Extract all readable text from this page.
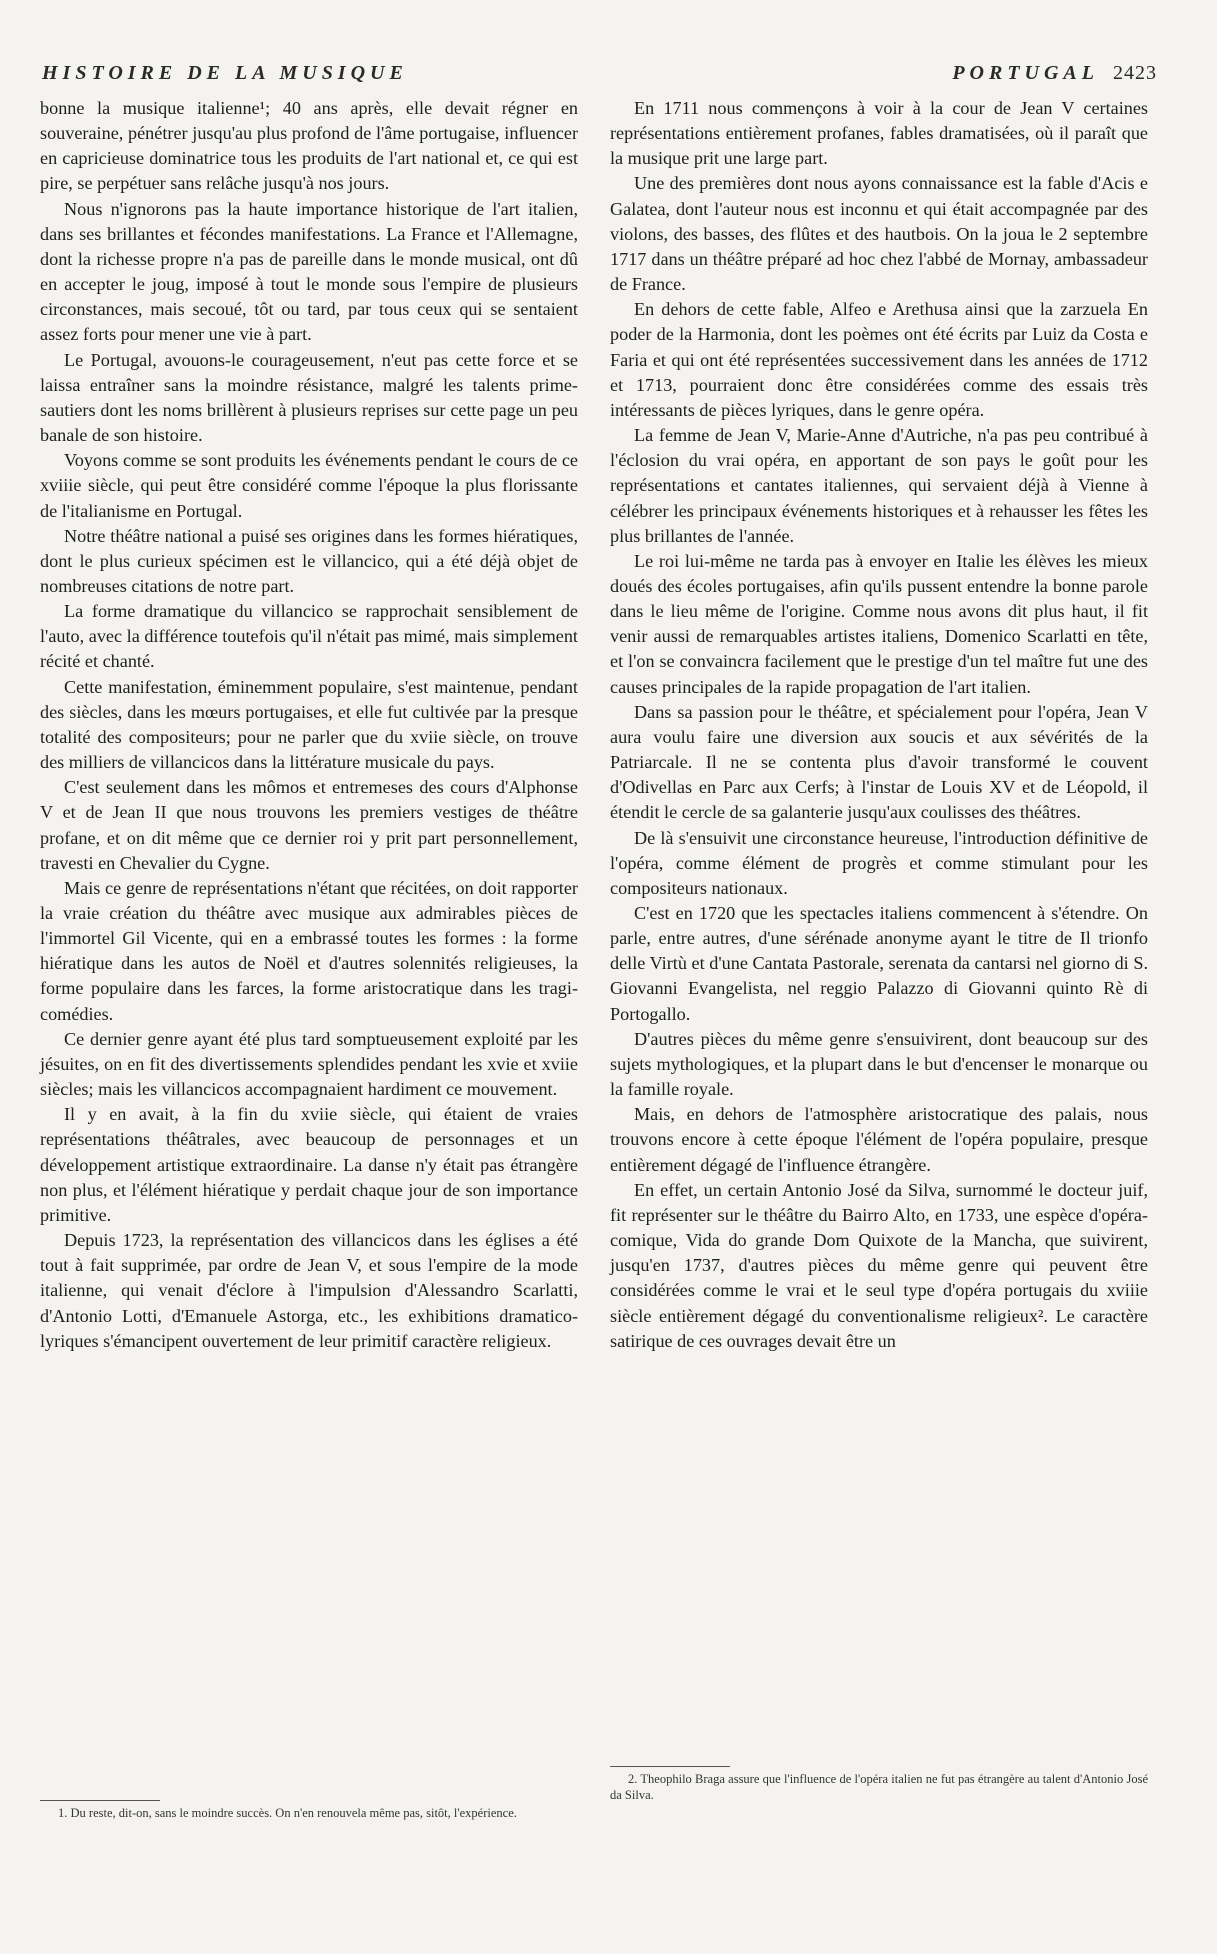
HISTOIRE DE LA MUSIQUE	PORTUGAL 2423

bonne la musique italienne¹; 40 ans après, elle devait régner en souveraine, pénétrer jusqu'au plus profond de l'âme portugaise, influencer en capricieuse dominatrice tous les produits de l'art national et, ce qui est pire, se perpétuer sans relâche jusqu'à nos jours.

Nous n'ignorons pas la haute importance historique de l'art italien, dans ses brillantes et fécondes manifestations. La France et l'Allemagne, dont la richesse propre n'a pas de pareille dans le monde musical, ont dû en accepter le joug, imposé à tout le monde sous l'empire de plusieurs circonstances, mais secoué, tôt ou tard, par tous ceux qui se sentaient assez forts pour mener une vie à part.

Le Portugal, avouons-le courageusement, n'eut pas cette force et se laissa entraîner sans la moindre résistance, malgré les talents prime-sautiers dont les noms brillèrent à plusieurs reprises sur cette page un peu banale de son histoire.

Voyons comme se sont produits les événements pendant le cours de ce xviiie siècle, qui peut être considéré comme l'époque la plus florissante de l'italianisme en Portugal.

Notre théâtre national a puisé ses origines dans les formes hiératiques, dont le plus curieux spécimen est le villancico, qui a été déjà objet de nombreuses citations de notre part.

La forme dramatique du villancico se rapprochait sensiblement de l'auto, avec la différence toutefois qu'il n'était pas mimé, mais simplement récité et chanté.

Cette manifestation, éminemment populaire, s'est maintenue, pendant des siècles, dans les mœurs portugaises, et elle fut cultivée par la presque totalité des compositeurs; pour ne parler que du xviie siècle, on trouve des milliers de villancicos dans la littérature musicale du pays.

C'est seulement dans les mômos et entremeses des cours d'Alphonse V et de Jean II que nous trouvons les premiers vestiges de théâtre profane, et on dit même que ce dernier roi y prit part personnellement, travesti en Chevalier du Cygne.

Mais ce genre de représentations n'étant que récitées, on doit rapporter la vraie création du théâtre avec musique aux admirables pièces de l'immortel Gil Vicente, qui en a embrassé toutes les formes : la forme hiératique dans les autos de Noël et d'autres solennités religieuses, la forme populaire dans les farces, la forme aristocratique dans les tragi-comédies.

Ce dernier genre ayant été plus tard somptueusement exploité par les jésuites, on en fit des divertissements splendides pendant les xvie et xviie siècles; mais les villancicos accompagnaient hardiment ce mouvement.

Il y en avait, à la fin du xviie siècle, qui étaient de vraies représentations théâtrales, avec beaucoup de personnages et un développement artistique extraordinaire. La danse n'y était pas étrangère non plus, et l'élément hiératique y perdait chaque jour de son importance primitive.

Depuis 1723, la représentation des villancicos dans les églises a été tout à fait supprimée, par ordre de Jean V, et sous l'empire de la mode italienne, qui venait d'éclore à l'impulsion d'Alessandro Scarlatti, d'Antonio Lotti, d'Emanuele Astorga, etc., les exhibitions dramatico-lyriques s'émancipent ouvertement de leur primitif caractère religieux.

En 1711 nous commençons à voir à la cour de Jean V certaines représentations entièrement profanes, fables dramatisées, où il paraît que la musique prit une large part.

Une des premières dont nous ayons connaissance est la fable d'Acis e Galatea, dont l'auteur nous est inconnu et qui était accompagnée par des violons, des basses, des flûtes et des hautbois. On la joua le 2 septembre 1717 dans un théâtre préparé ad hoc chez l'abbé de Mornay, ambassadeur de France.

En dehors de cette fable, Alfeo e Arethusa ainsi que la zarzuela En poder de la Harmonia, dont les poèmes ont été écrits par Luiz da Costa e Faria et qui ont été représentées successivement dans les années de 1712 et 1713, pourraient donc être considérées comme des essais très intéressants de pièces lyriques, dans le genre opéra.

La femme de Jean V, Marie-Anne d'Autriche, n'a pas peu contribué à l'éclosion du vrai opéra, en apportant de son pays le goût pour les représentations et cantates italiennes, qui servaient déjà à Vienne à célébrer les principaux événements historiques et à rehausser les fêtes les plus brillantes de l'année.

Le roi lui-même ne tarda pas à envoyer en Italie les élèves les mieux doués des écoles portugaises, afin qu'ils pussent entendre la bonne parole dans le lieu même de l'origine. Comme nous avons dit plus haut, il fit venir aussi de remarquables artistes italiens, Domenico Scarlatti en tête, et l'on se convaincra facilement que le prestige d'un tel maître fut une des causes principales de la rapide propagation de l'art italien.

Dans sa passion pour le théâtre, et spécialement pour l'opéra, Jean V aura voulu faire une diversion aux soucis et aux sévérités de la Patriarcale. Il ne se contenta plus d'avoir transformé le couvent d'Odivellas en Parc aux Cerfs; à l'instar de Louis XV et de Léopold, il étendit le cercle de sa galanterie jusqu'aux coulisses des théâtres.

De là s'ensuivit une circonstance heureuse, l'introduction définitive de l'opéra, comme élément de progrès et comme stimulant pour les compositeurs nationaux.

C'est en 1720 que les spectacles italiens commencent à s'étendre. On parle, entre autres, d'une sérénade anonyme ayant le titre de Il trionfo delle Virtù et d'une Cantata Pastorale, serenata da cantarsi nel giorno di S. Giovanni Evangelista, nel reggio Palazzo di Giovanni quinto Rè di Portogallo.

D'autres pièces du même genre s'ensuivirent, dont beaucoup sur des sujets mythologiques, et la plupart dans le but d'encenser le monarque ou la famille royale.

Mais, en dehors de l'atmosphère aristocratique des palais, nous trouvons encore à cette époque l'élément de l'opéra populaire, presque entièrement dégagé de l'influence étrangère.

En effet, un certain Antonio José da Silva, surnommé le docteur juif, fit représenter sur le théâtre du Bairro Alto, en 1733, une espèce d'opéra-comique, Vida do grande Dom Quixote de la Mancha, que suivirent, jusqu'en 1737, d'autres pièces du même genre qui peuvent être considérées comme le vrai et le seul type d'opéra portugais du xviiie siècle entièrement dégagé du conventionalisme religieux². Le caractère satirique de ces ouvrages devait être un

1. Du reste, dit-on, sans le moindre succès. On n'en renouvela même pas, sitôt, l'expérience.

2. Theophilo Braga assure que l'influence de l'opéra italien ne fut pas étrangère au talent d'Antonio José da Silva.
